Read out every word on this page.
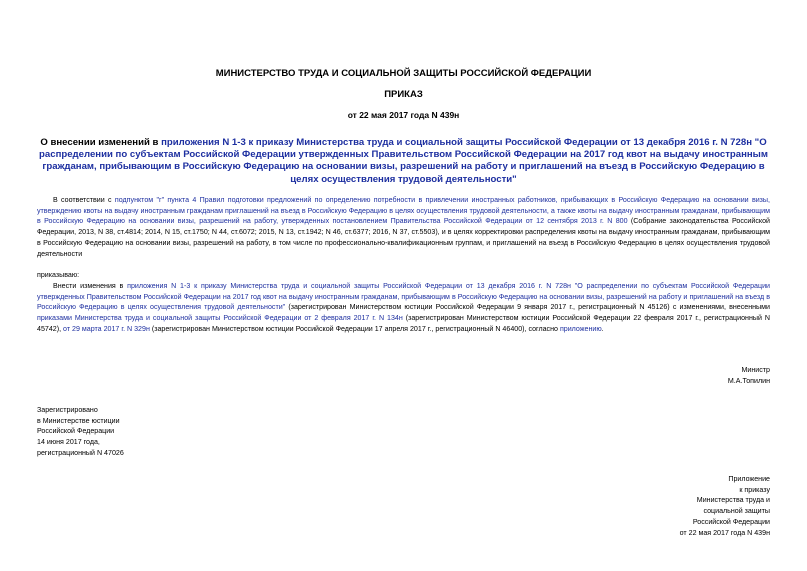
МИНИСТЕРСТВО ТРУДА И СОЦИАЛЬНОЙ ЗАЩИТЫ РОССИЙСКОЙ ФЕДЕРАЦИИ
ПРИКАЗ
от 22 мая 2017 года N 439н
О внесении изменений в приложения N 1-3 к приказу Министерства труда и социальной защиты Российской Федерации от 13 декабря 2016 г. N 728н "О распределении по субъектам Российской Федерации утвержденных Правительством Российской Федерации на 2017 год квот на выдачу иностранным гражданам, прибывающим в Российскую Федерацию на основании визы, разрешений на работу и приглашений на въезд в Российскую Федерацию в целях осуществления трудовой деятельности"
В соответствии с подпунктом "г" пункта 4 Правил подготовки предложений по определению потребности в привлечении иностранных работников, прибывающих в Российскую Федерацию на основании визы, утверждению квоты на выдачу иностранным гражданам приглашений на въезд в Российскую Федерацию в целях осуществления трудовой деятельности, а также квоты на выдачу иностранным гражданам, прибывающим в Российскую Федерацию на основании визы, разрешений на работу, утвержденных постановлением Правительства Российской Федерации от 12 сентября 2013 г. N 800 (Собрание законодательства Российской Федерации, 2013, N 38, ст.4814; 2014, N 15, ст.1750; N 44, ст.6072; 2015, N 13, ст.1942; N 46, ст.6377; 2016, N 37, ст.5503), и в целях корректировки распределения квоты на выдачу иностранным гражданам, прибывающим в Российскую Федерацию на основании визы, разрешений на работу, в том числе по профессионально-квалификационным группам, и приглашений на въезд в Российскую Федерацию в целях осуществления трудовой деятельности
приказываю:
Внести изменения в приложения N 1-3 к приказу Министерства труда и социальной защиты Российской Федерации от 13 декабря 2016 г. N 728н "О распределении по субъектам Российской Федерации утвержденных Правительством Российской Федерации на 2017 год квот на выдачу иностранным гражданам, прибывающим в Российскую Федерацию на основании визы, разрешений на работу и приглашений на въезд в Российскую Федерацию в целях осуществления трудовой деятельности" (зарегистрирован Министерством юстиции Российской Федерации 9 января 2017 г., регистрационный N 45126) с изменениями, внесенными приказами Министерства труда и социальной защиты Российской Федерации от 2 февраля 2017 г. N 134н (зарегистрирован Министерством юстиции Российской Федерации 22 февраля 2017 г., регистрационный N 45742), от 29 марта 2017 г. N 329н (зарегистрирован Министерством юстиции Российской Федерации 17 апреля 2017 г., регистрационный N 46400), согласно приложению.
Министр
М.А.Топилин
Зарегистрировано
в Министерстве юстиции
Российской Федерации
14 июня 2017 года,
регистрационный N 47026
Приложение
к приказу
Министерства труда и
социальной защиты
Российской Федерации
от 22 мая 2017 года N 439н
